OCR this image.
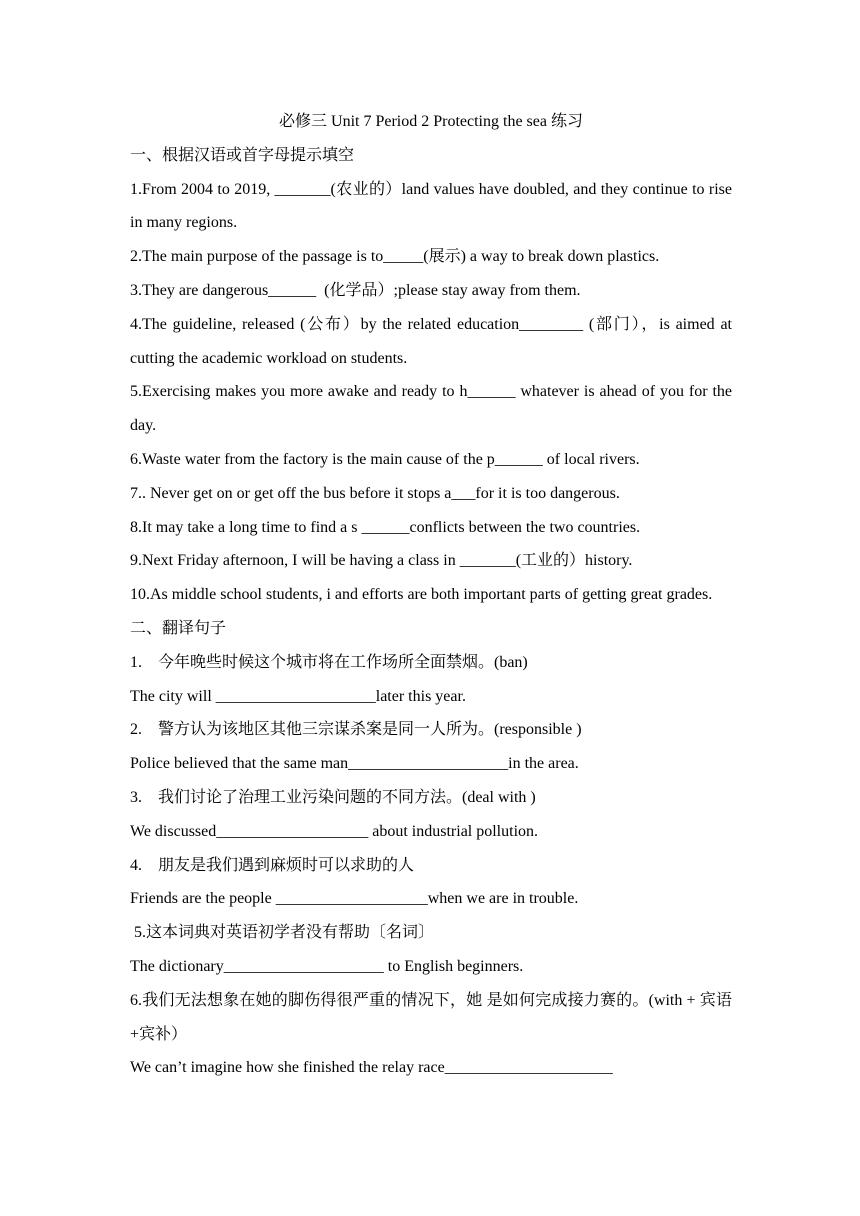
必修三 Unit 7 Period 2 Protecting the sea 练习

一、根据汉语或首字母提示填空

1.From 2004 to 2019, _______(农业的）land values have doubled, and they continue to rise in many regions.

2.The main purpose of the passage is to_____(展示) a way to break down plastics.

3.They are dangerous______  (化学品）;please stay away from them.

4.The guideline, released (公布）by the related education________ (部门），is aimed at cutting the academic workload on students.

5.Exercising makes you more awake and ready to h______ whatever is ahead of you for the day.

6.Waste water from the factory is the main cause of the p______ of local rivers.

7.. Never get on or get off the bus before it stops a___for it is too dangerous.

8.It may take a long time to find a s ______conflicts between the two countries.

9.Next Friday afternoon, I will be having a class in _______(工业的）history.

10.As middle school students, i and efforts are both important parts of getting great grades.

二、翻译句子

1.    今年晚些时候这个城市将在工作场所全面禁烟。(ban)

The city will ____________________later this year.

2.    警方认为该地区其他三宗谋杀案是同一人所为。(responsible )

Police believed that the same man____________________in the area.

3.    我们讨论了治理工业污染问题的不同方法。(deal with )

We discussed___________________ about industrial pollution.

4.    朋友是我们遇到麻烦时可以求助的人

Friends are the people ___________________when we are in trouble.

5.这本词典对英语初学者没有帮助〔名词〕

The dictionary____________________ to English beginners.

6.我们无法想象在她的脚伤得很严重的情况下，她 是如何完成接力赛的。(with + 宾语+宾补）

We can’t imagine how she finished the relay race_____________________
